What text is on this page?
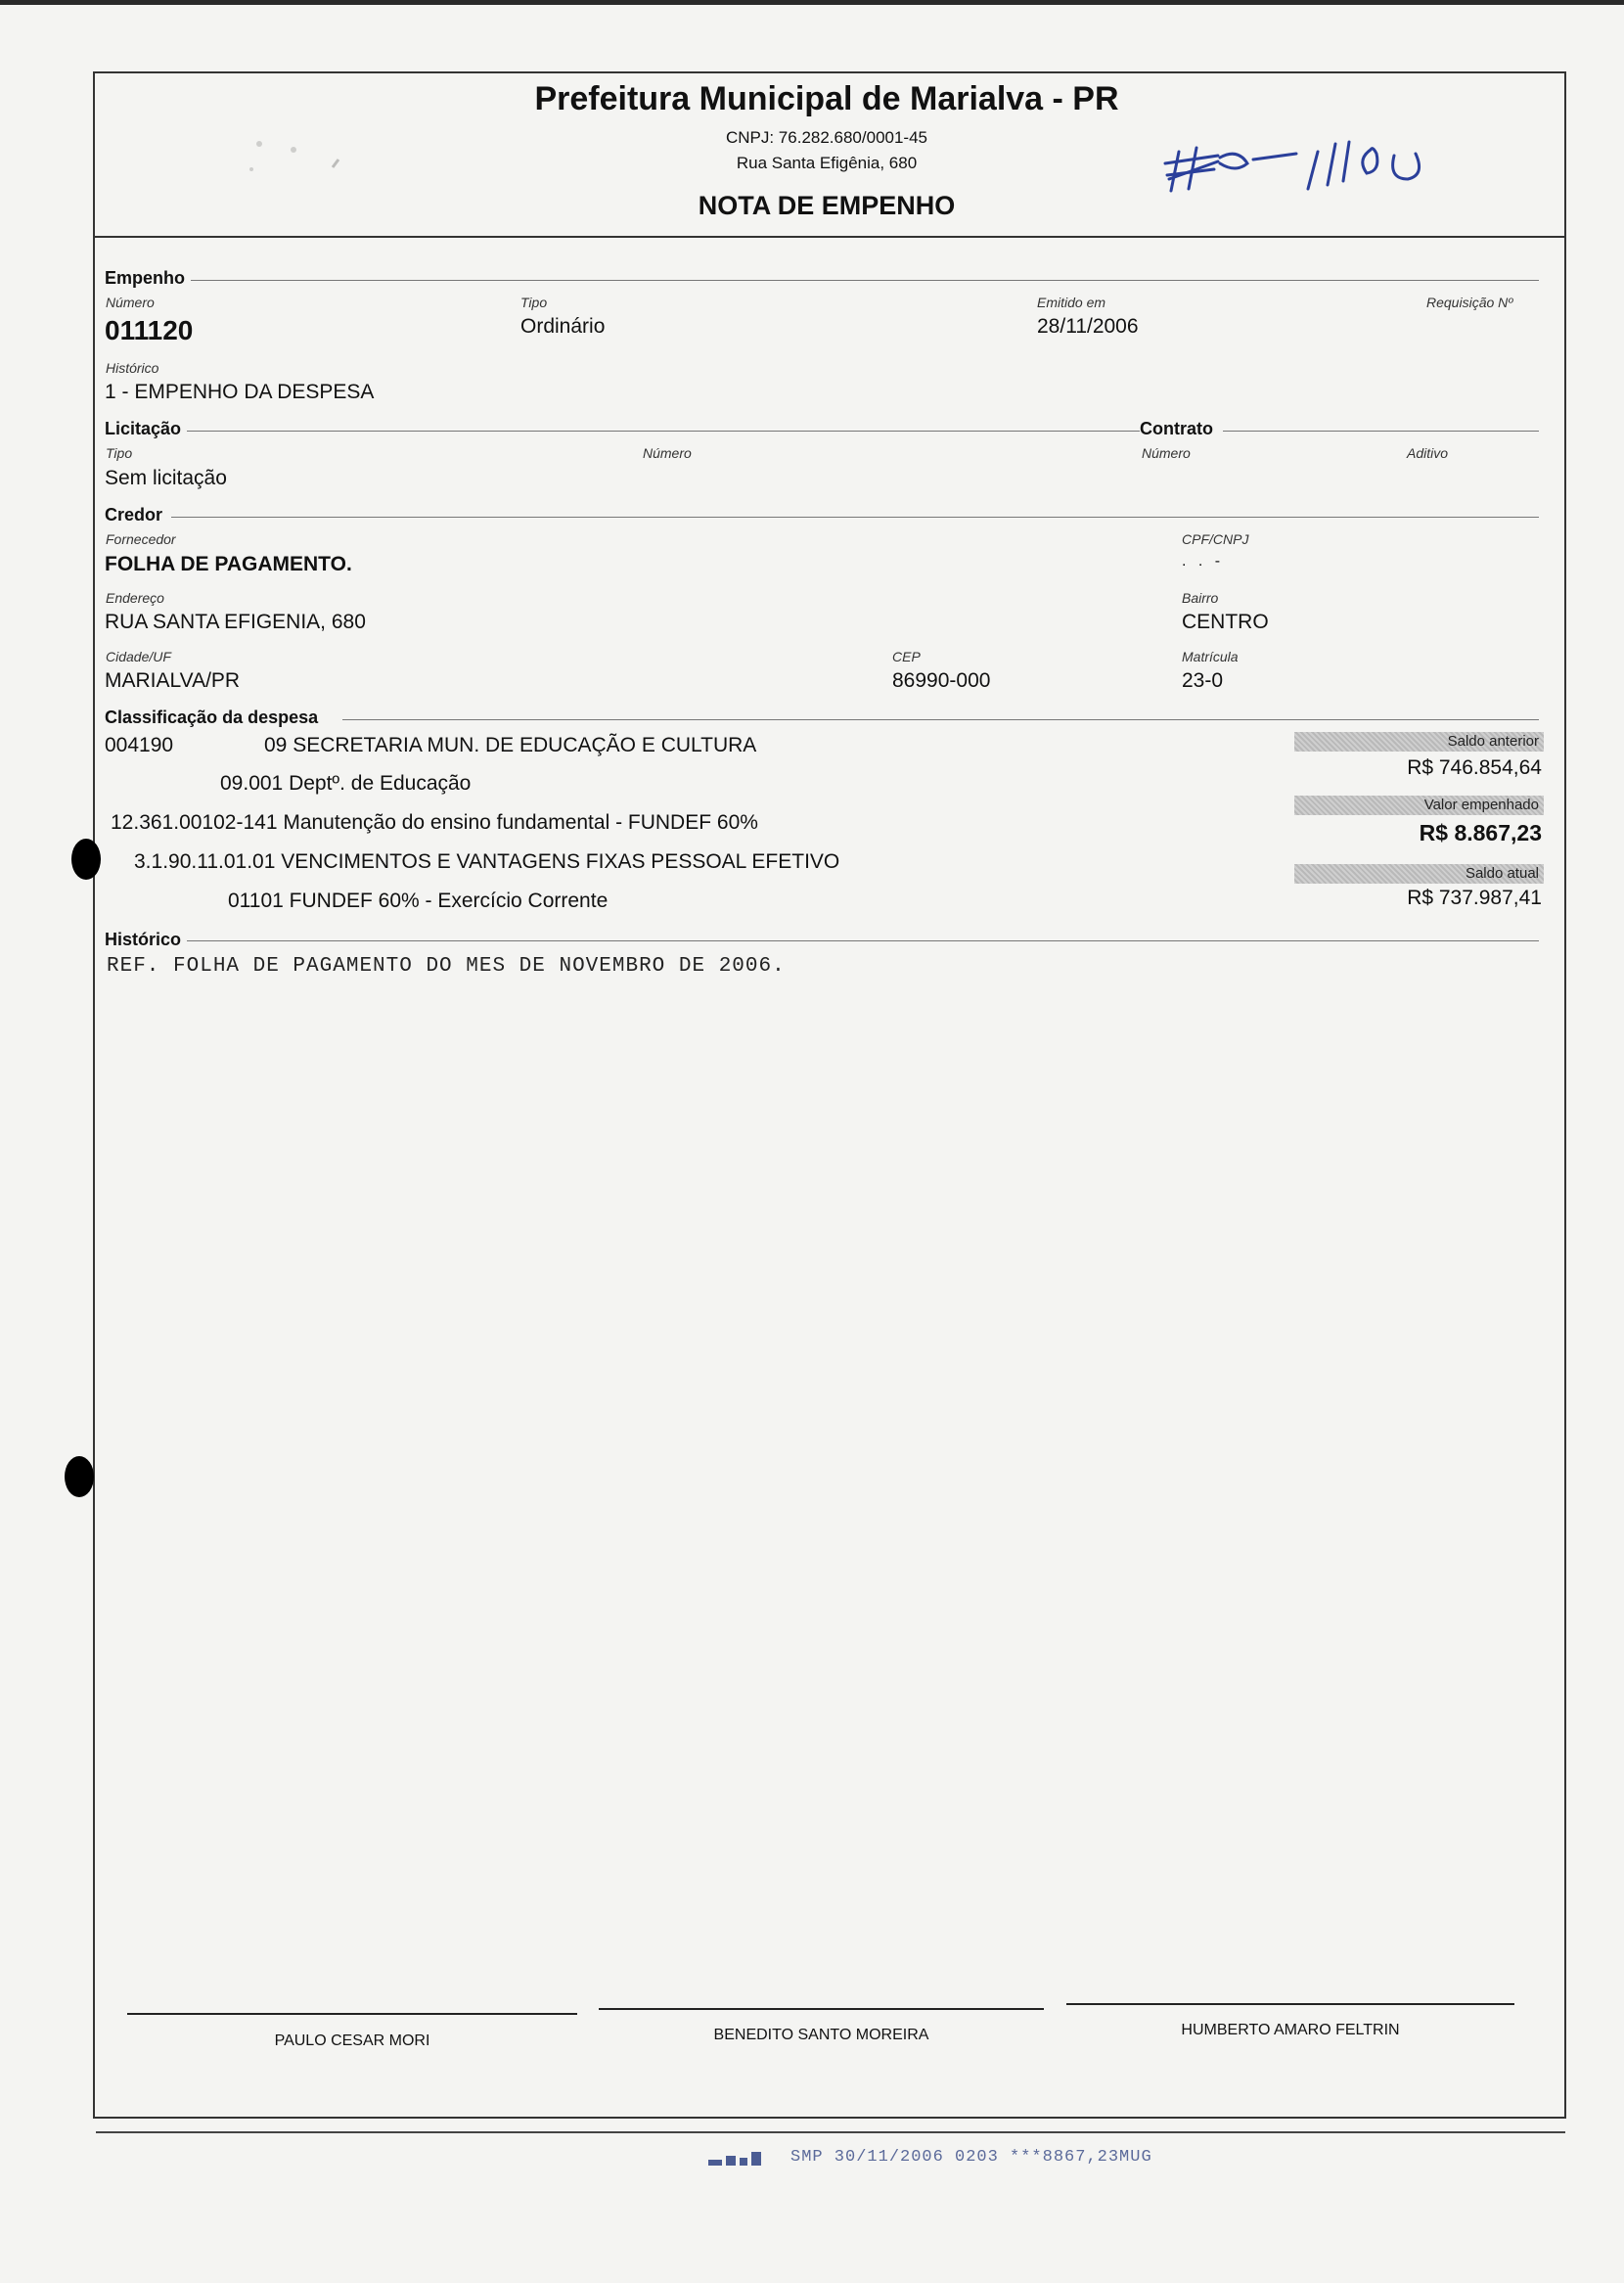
Prefeitura Municipal de Marialva - PR
CNPJ: 76.282.680/0001-45
Rua Santa Efigênia, 680
NOTA DE EMPENHO
11100
Empenho
Número
011120
Tipo
Ordinário
Emitido em
28/11/2006
Requisição Nº
Histórico
1 - EMPENHO DA DESPESA
Licitação	Contrato
Tipo
Sem licitação
Número	Número	Aditivo
Credor
Fornecedor
FOLHA DE PAGAMENTO.
CPF/CNPJ
. . -
Endereço
RUA SANTA EFIGENIA, 680
Bairro
CENTRO
Cidade/UF
MARIALVA/PR
CEP
86990-000
Matrícula
23-0
Classificação da despesa
004190	09 SECRETARIA MUN. DE EDUCAÇÃO E CULTURA
09.001 Deptº. de Educação
12.361.00102-141 Manutenção do ensino fundamental - FUNDEF 60%
3.1.90.11.01.01 VENCIMENTOS E VANTAGENS FIXAS PESSOAL EFETIVO
01101 FUNDEF 60% - Exercício Corrente
Saldo anterior
R$ 746.854,64
Valor empenhado
R$ 8.867,23
Saldo atual
R$ 737.987,41
Histórico
REF. FOLHA DE PAGAMENTO DO MES DE NOVEMBRO DE 2006.
PAULO CESAR MORI	BENEDITO SANTO MOREIRA	HUMBERTO AMARO FELTRIN
SMP 30/11/2006 0203 ***8867,23MUG
